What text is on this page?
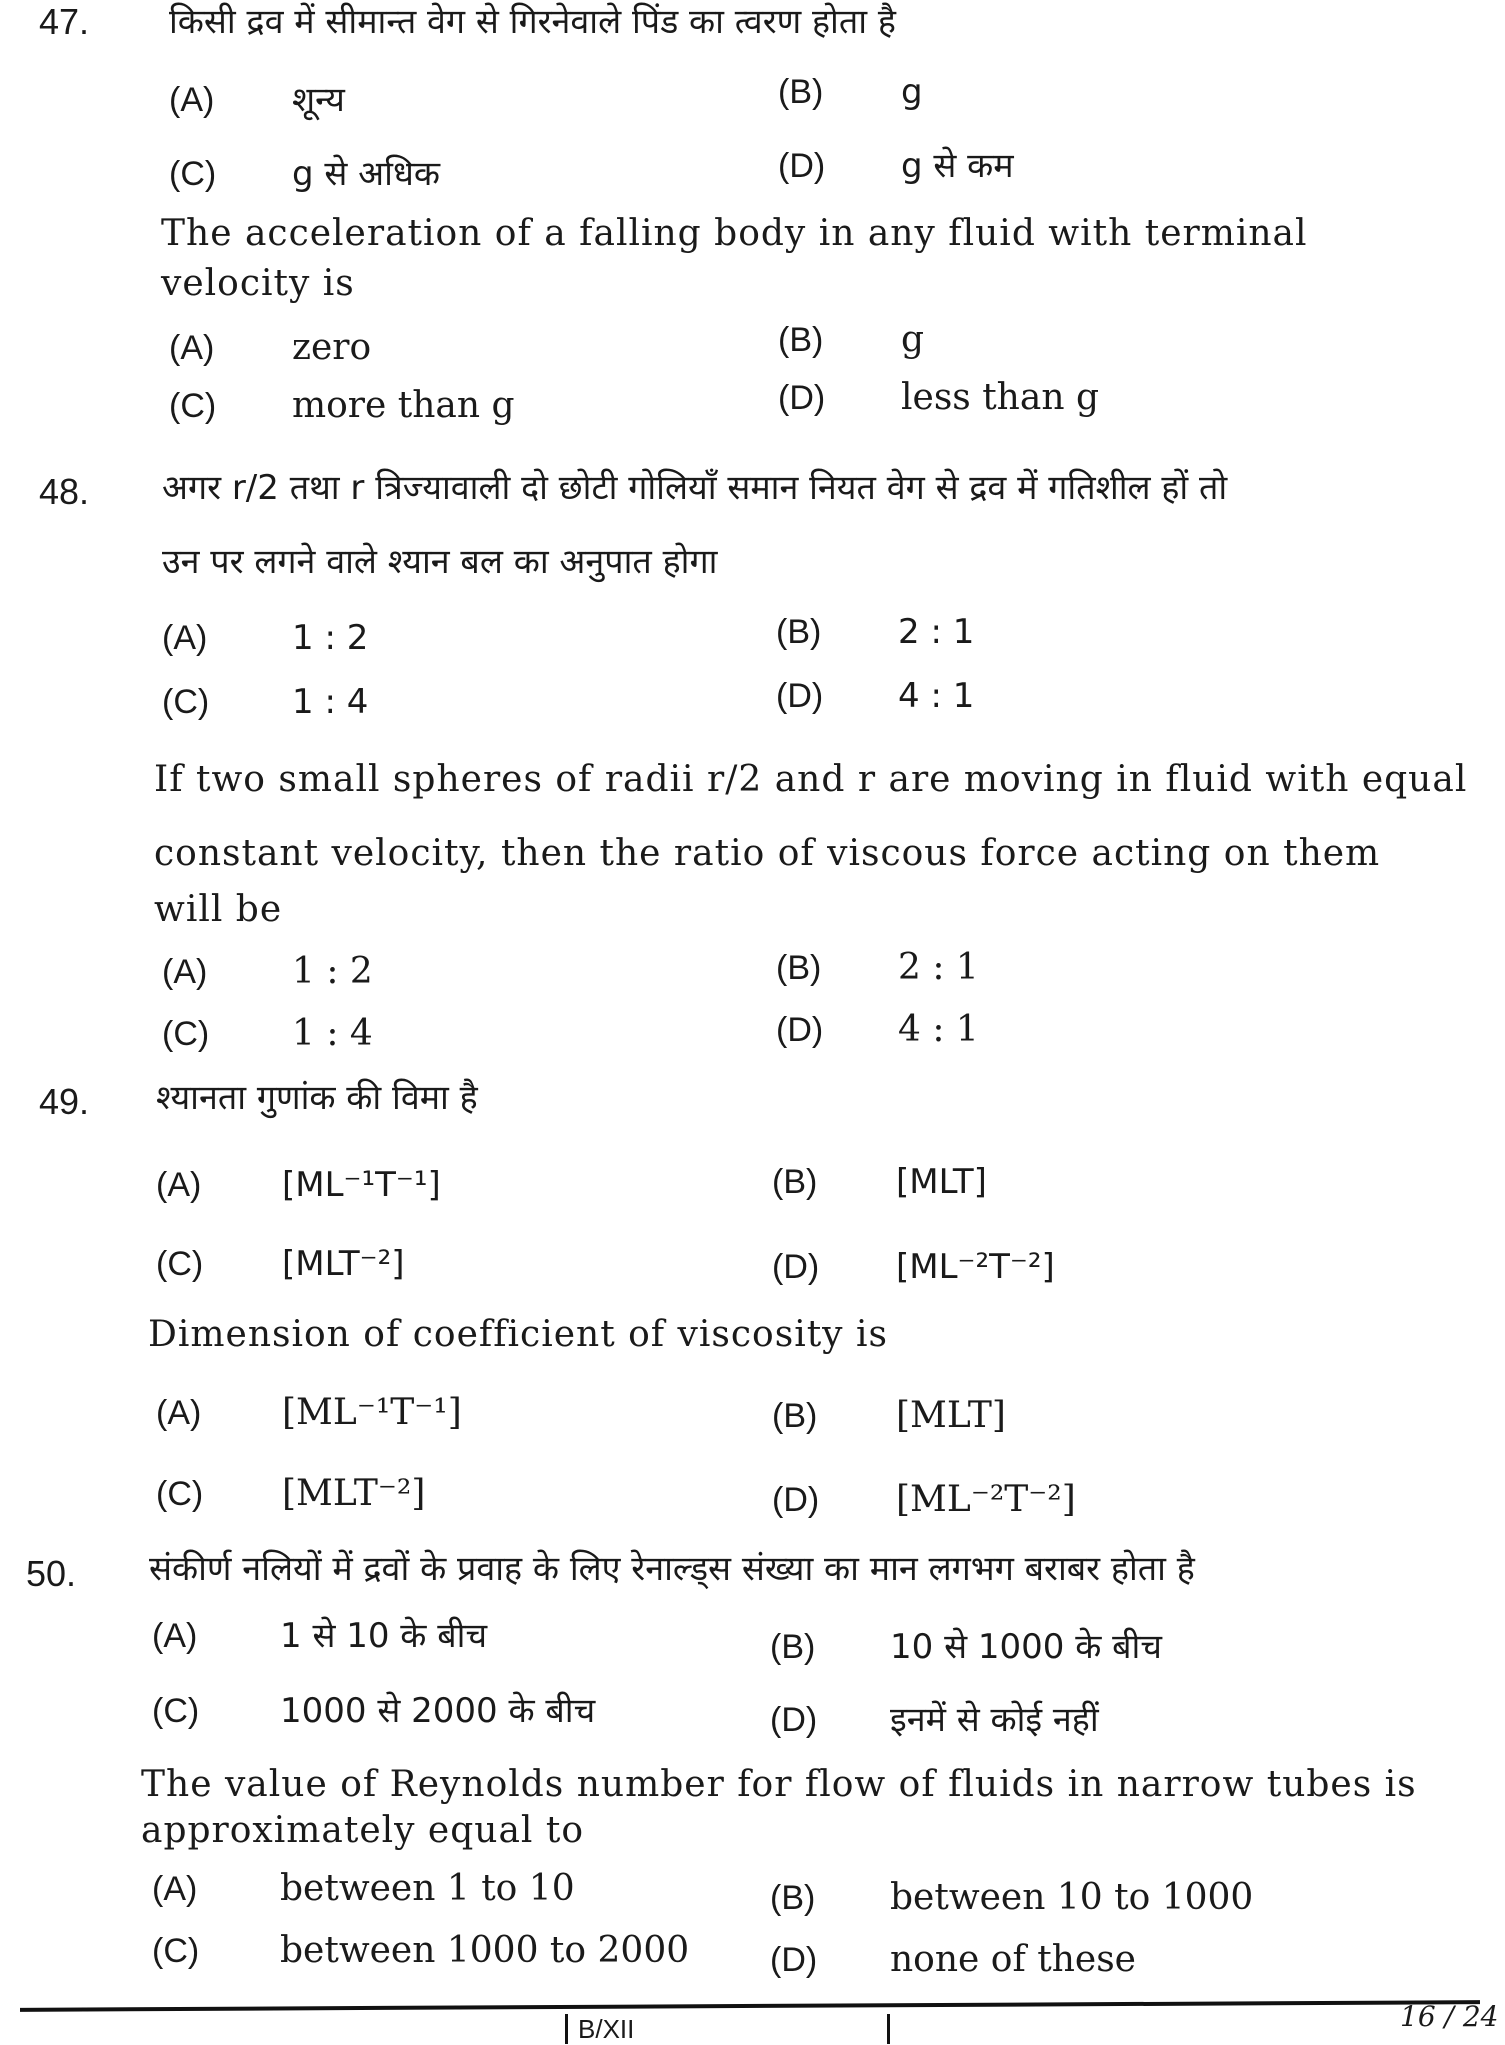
47. किसी द्रव में सीमान्त वेग से गिरनेवाले पिंड का त्वरण होता है
The acceleration of a falling body in any fluid with terminal
velocity is
(A) शून्य	(B) g
(C) g से अधिक	(D) g से कम
(A) zero	(B) g
(C) more than g	(D) less than g
48. अगर r/2 तथा r त्रिज्यावाली दो छोटी गोलियाँ समान नियत वेग से द्रव में गतिशील हों तो
उन पर लगने वाले श्यान बल का अनुपात होगा
If two small spheres of radii r/2 and r are moving in fluid with equal
constant velocity, then the ratio of viscous force acting on them
will be
(A) 1 : 2	(B) 2 : 1
(C) 1 : 4	(D) 4 : 1
(A) 1 : 2	(B) 2 : 1
(C) 1 : 4	(D) 4 : 1
49. श्यानता गुणांक की विमा है
Dimension of coefficient of viscosity is
(A) [ML⁻¹T⁻¹]	(B) [MLT]
(C) [MLT⁻²]	(D) [ML⁻²T⁻²]
(A) [ML⁻¹T⁻¹]	(B) [MLT]
(C) [MLT⁻²]	(D) [ML⁻²T⁻²]
50. संकीर्ण नलियों में द्रवों के प्रवाह के लिए रेनाल्ड्स संख्या का मान लगभग बराबर होता है
The value of Reynolds number for flow of fluids in narrow tubes is
approximately equal to
(A) 1 से 10 के बीच	(B) 10 से 1000 के बीच
(C) 1000 से 2000 के बीच	(D) इनमें से कोई नहीं
(A) between 1 to 10	(B) between 10 to 1000
(C) between 1000 to 2000 (D) none of these
B/XII	16 / 24
